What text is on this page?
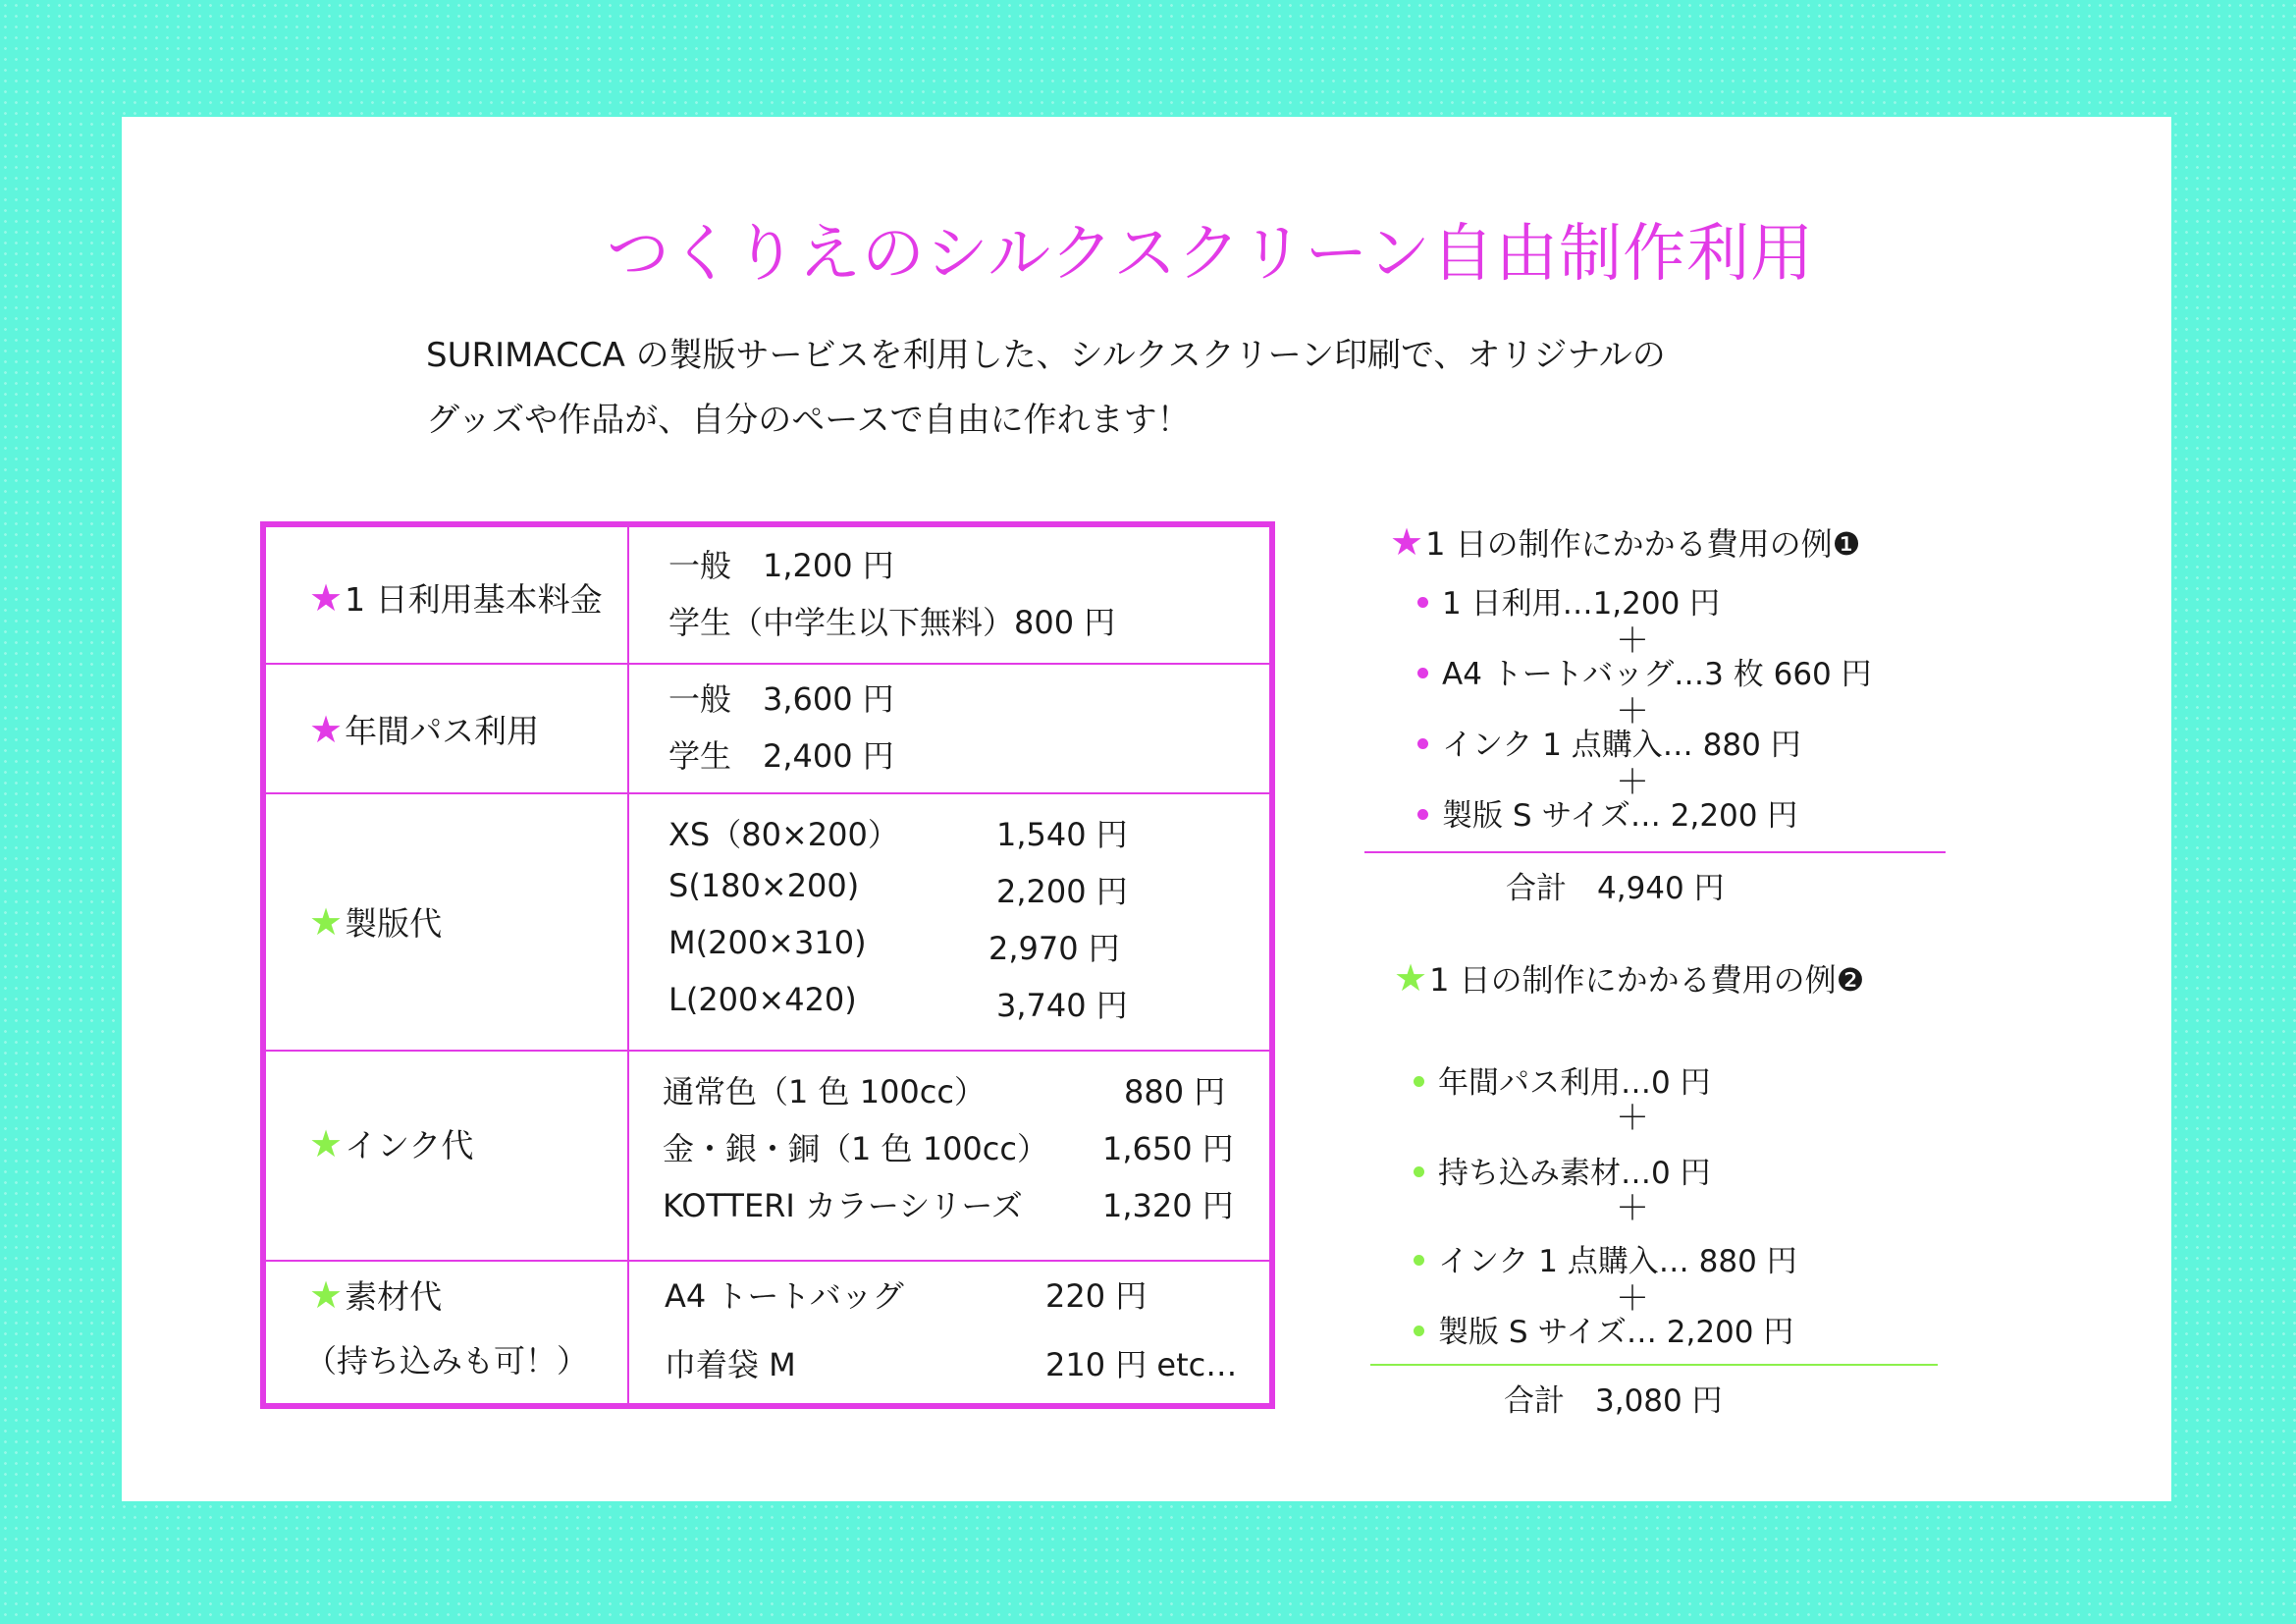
つくりえのシルクスクリーン自由制作利用
SURIMACCA の製版サービスを利用した、シルクスクリーン印刷で、オリジナルの
グッズや作品が、自分のペースで自由に作れます！
★1 日利用基本料金
一般　1,200 円
学生（中学生以下無料）800 円
★年間パス利用
一般　3,600 円
学生　2,400 円
★製版代
XS（80×200）	1,540 円
S(180×200)	2,200 円
M(200×310)	2,970 円
L(200×420)	3,740 円
★インク代
通常色（1 色 100cc）	880 円
金・銀・銅（1 色 100cc） 1,650 円
KOTTERI カラーシリーズ	1,320 円
★素材代
（持ち込みも可！）
A4 トートバッグ	220 円
巾着袋 M	210 円 etc…
★1 日の制作にかかる費用の例❶
1 日利用…1,200 円
＋
A4 トートバッグ…3 枚 660 円
＋
インク 1 点購入… 880 円
＋
製版 S サイズ… 2,200 円
合計　4,940 円
★1 日の制作にかかる費用の例❷
年間パス利用…0 円
＋
持ち込み素材…0 円
＋
インク 1 点購入… 880 円
＋
製版 S サイズ… 2,200 円
合計　3,080 円
